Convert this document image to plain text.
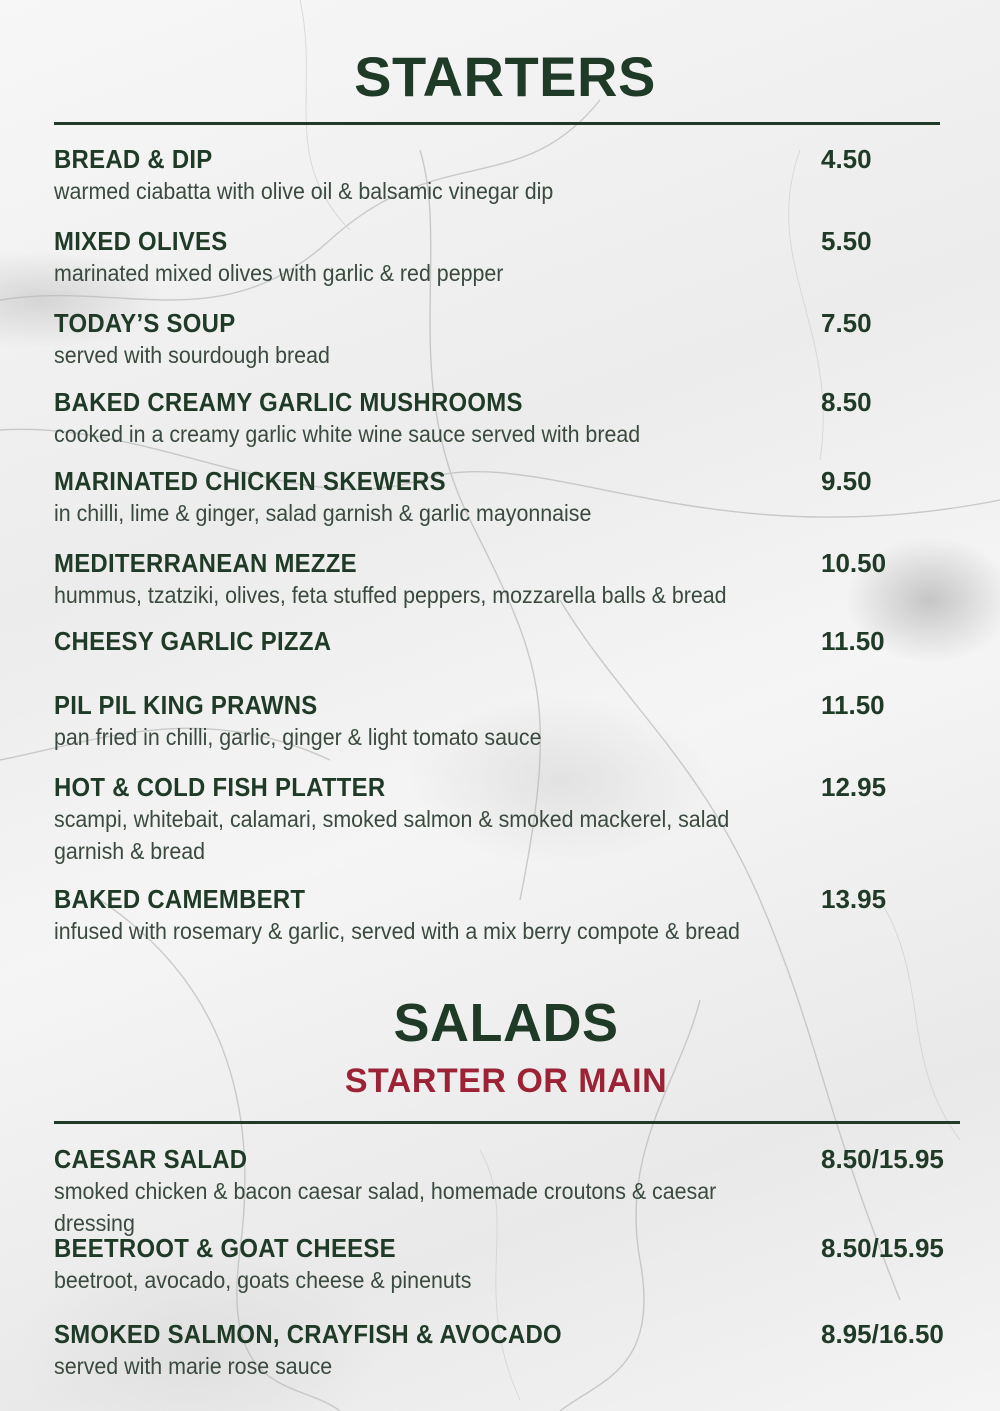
STARTERS
BREAD & DIP
warmed ciabatta with olive oil & balsamic vinegar dip
4.50
MIXED OLIVES
marinated mixed olives with garlic & red pepper
5.50
TODAY’S SOUP
served with sourdough bread
7.50
BAKED CREAMY GARLIC MUSHROOMS
cooked in a creamy garlic white wine sauce served with bread
8.50
MARINATED CHICKEN SKEWERS
in chilli, lime & ginger, salad garnish & garlic mayonnaise
9.50
MEDITERRANEAN MEZZE
hummus, tzatziki, olives, feta stuffed peppers, mozzarella balls & bread
10.50
CHEESY GARLIC PIZZA	11.50
PIL PIL KING PRAWNS
pan fried in chilli, garlic, ginger & light tomato sauce
11.50
HOT & COLD FISH PLATTER
scampi, whitebait, calamari, smoked salmon & smoked mackerel, salad garnish & bread
12.95
BAKED CAMEMBERT
infused with rosemary & garlic, served with a mix berry compote & bread
13.95
SALADS
STARTER OR MAIN
CAESAR SALAD
smoked chicken & bacon caesar salad, homemade croutons & caesar dressing
8.50/15.95
BEETROOT & GOAT CHEESE
beetroot, avocado, goats cheese & pinenuts
8.50/15.95
SMOKED SALMON, CRAYFISH & AVOCADO
served with marie rose sauce
8.95/16.50
